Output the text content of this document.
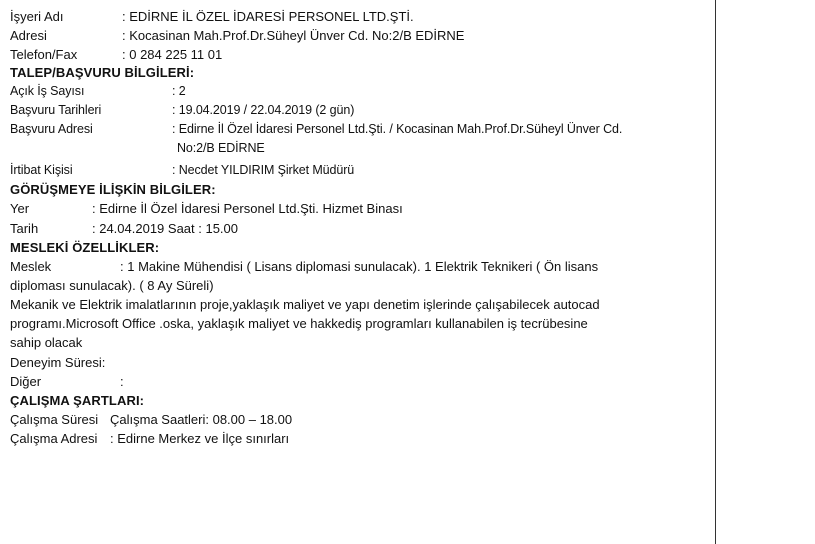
İşyeri Adı	: EDİRNE İL ÖZEL İDARESİ PERSONEL LTD.ŞTİ.
Adresi	: Kocasinan Mah.Prof.Dr.Süheyl Ünver Cd. No:2/B EDİRNE
Telefon/Fax	: 0 284 225 11 01
TALEP/BAŞVURU BİLGİLERİ:
Açık İş Sayısı	: 2
Başvuru Tarihleri	: 19.04.2019 / 22.04.2019 (2 gün)
Başvuru Adresi	: Edirne İl Özel İdaresi Personel Ltd.Şti. / Kocasinan Mah.Prof.Dr.Süheyl Ünver Cd.
No:2/B EDİRNE
İrtibat Kişisi	: Necdet YILDIRIM Şirket Müdürü
GÖRÜŞMEYE İLİŞKİN BİLGİLER:
Yer	: Edirne İl Özel İdaresi Personel Ltd.Şti. Hizmet Binası
Tarih	: 24.04.2019 Saat : 15.00
MESLEKİ ÖZELLİKLER:
Meslek	: 1 Makine Mühendisi ( Lisans diplomasi sunulacak). 1 Elektrik Teknikeri ( Ön lisans
diploması sunulacak). ( 8 Ay Süreli)
Mekanik ve Elektrik imalatlarının proje,yaklaşık maliyet ve yapı denetim işlerinde çalışabilecek autocad
programı.Microsoft Office .oska, yaklaşık maliyet ve hakkediş programları kullanabilen iş tecrübesine
sahip olacak
Deneyim Süresi:
Diğer	:
ÇALIŞMA ŞARTLARI:
Çalışma Süresi Çalışma Saatleri: 08.00 – 18.00
Çalışma Adresi : Edirne Merkez ve İlçe sınırları
